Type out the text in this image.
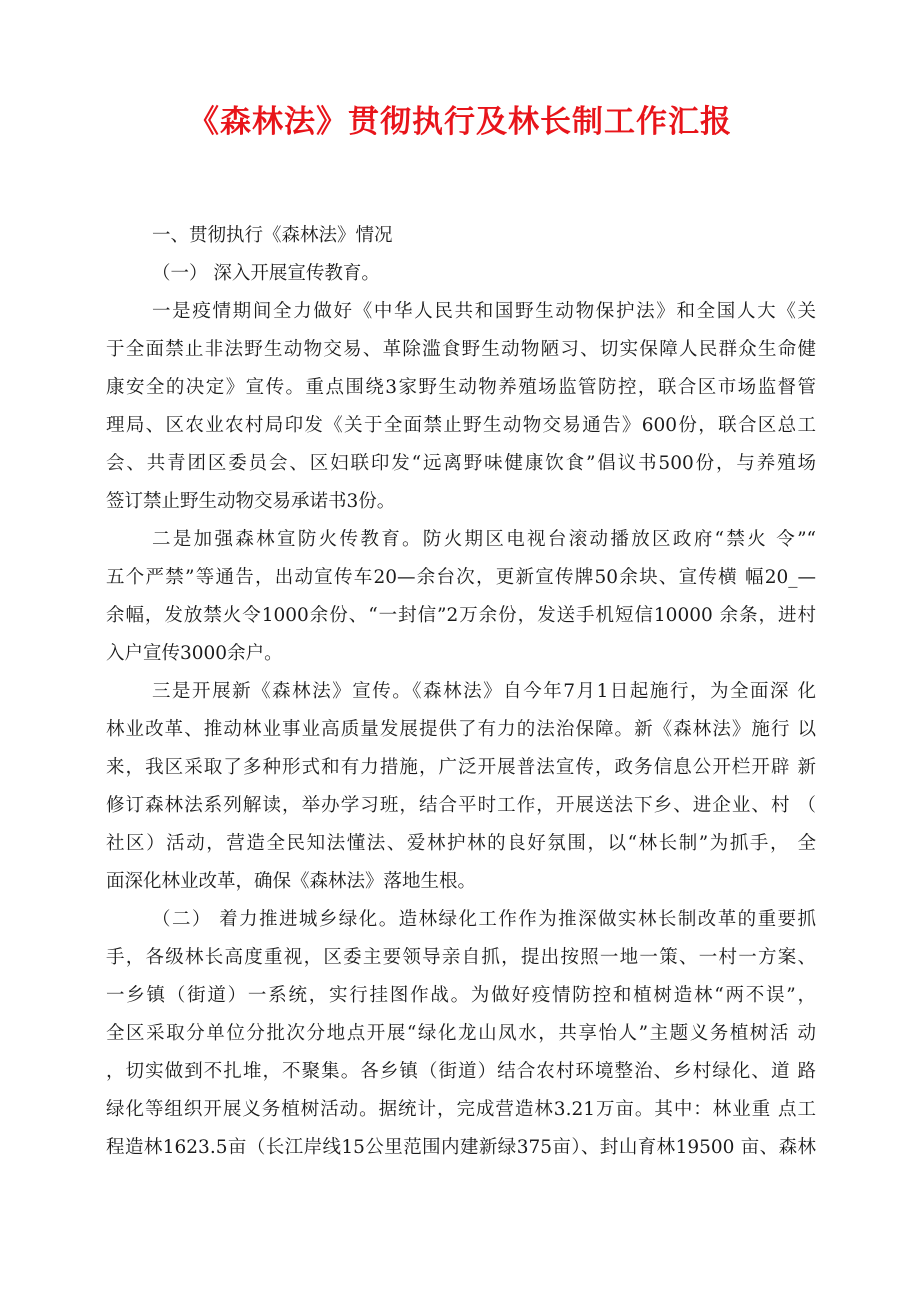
《森林法》贯彻执行及林长制工作汇报
一、贯彻执行《森林法》情况
（一） 深入开展宣传教育。
一是疫情期间全力做好《中华人民共和国野生动物保护法》和全国人大《关
于全面禁止非法野生动物交易、革除滥食野生动物陋习、切实保障人民群众生命健
康安全的决定》宣传。重点围绕3家野生动物养殖场监管防控，联合区市场监督管
理局、区农业农村局印发《关于全面禁止野生动物交易通告》600份，联合区总工
会、共青团区委员会、区妇联印发“远离野味健康饮食”倡议书500份，与养殖场
签订禁止野生动物交易承诺书3份。
二是加强森林宣防火传教育。防火期区电视台滚动播放区政府“禁火 令”“
五个严禁”等通告，出动宣传车20—余台次，更新宣传牌50余块、宣传横 幅20_—
余幅，发放禁火令1000余份、“一封信”2万余份，发送手机短信10000 余条，进村
入户宣传3000余户。
三是开展新《森林法》宣传。《森林法》自今年7月1日起施行，为全面深 化
林业改革、推动林业事业高质量发展提供了有力的法治保障。新《森林法》施行 以
来，我区采取了多种形式和有力措施，广泛开展普法宣传，政务信息公开栏开辟 新
修订森林法系列解读，举办学习班，结合平时工作，开展送法下乡、进企业、村 （
社区）活动，营造全民知法懂法、爱林护林的良好氛围，以“林长制”为抓手， 全
面深化林业改革，确保《森林法》落地生根。
（二） 着力推进城乡绿化。造林绿化工作作为推深做实林长制改革的重要抓
手，各级林长高度重视，区委主要领导亲自抓，提出按照一地一策、一村一方案、
一乡镇（街道）一系统，实行挂图作战。为做好疫情防控和植树造林“两不误”，
全区采取分单位分批次分地点开展“绿化龙山凤水，共享怡人”主题义务植树活 动
，切实做到不扎堆，不聚集。各乡镇（街道）结合农村环境整治、乡村绿化、道 路
绿化等组织开展义务植树活动。据统计，完成营造林3.21万亩。其中：林业重 点工
程造林1623.5亩（长江岸线15公里范围内建新绿375亩）、封山育林19500 亩、森林
